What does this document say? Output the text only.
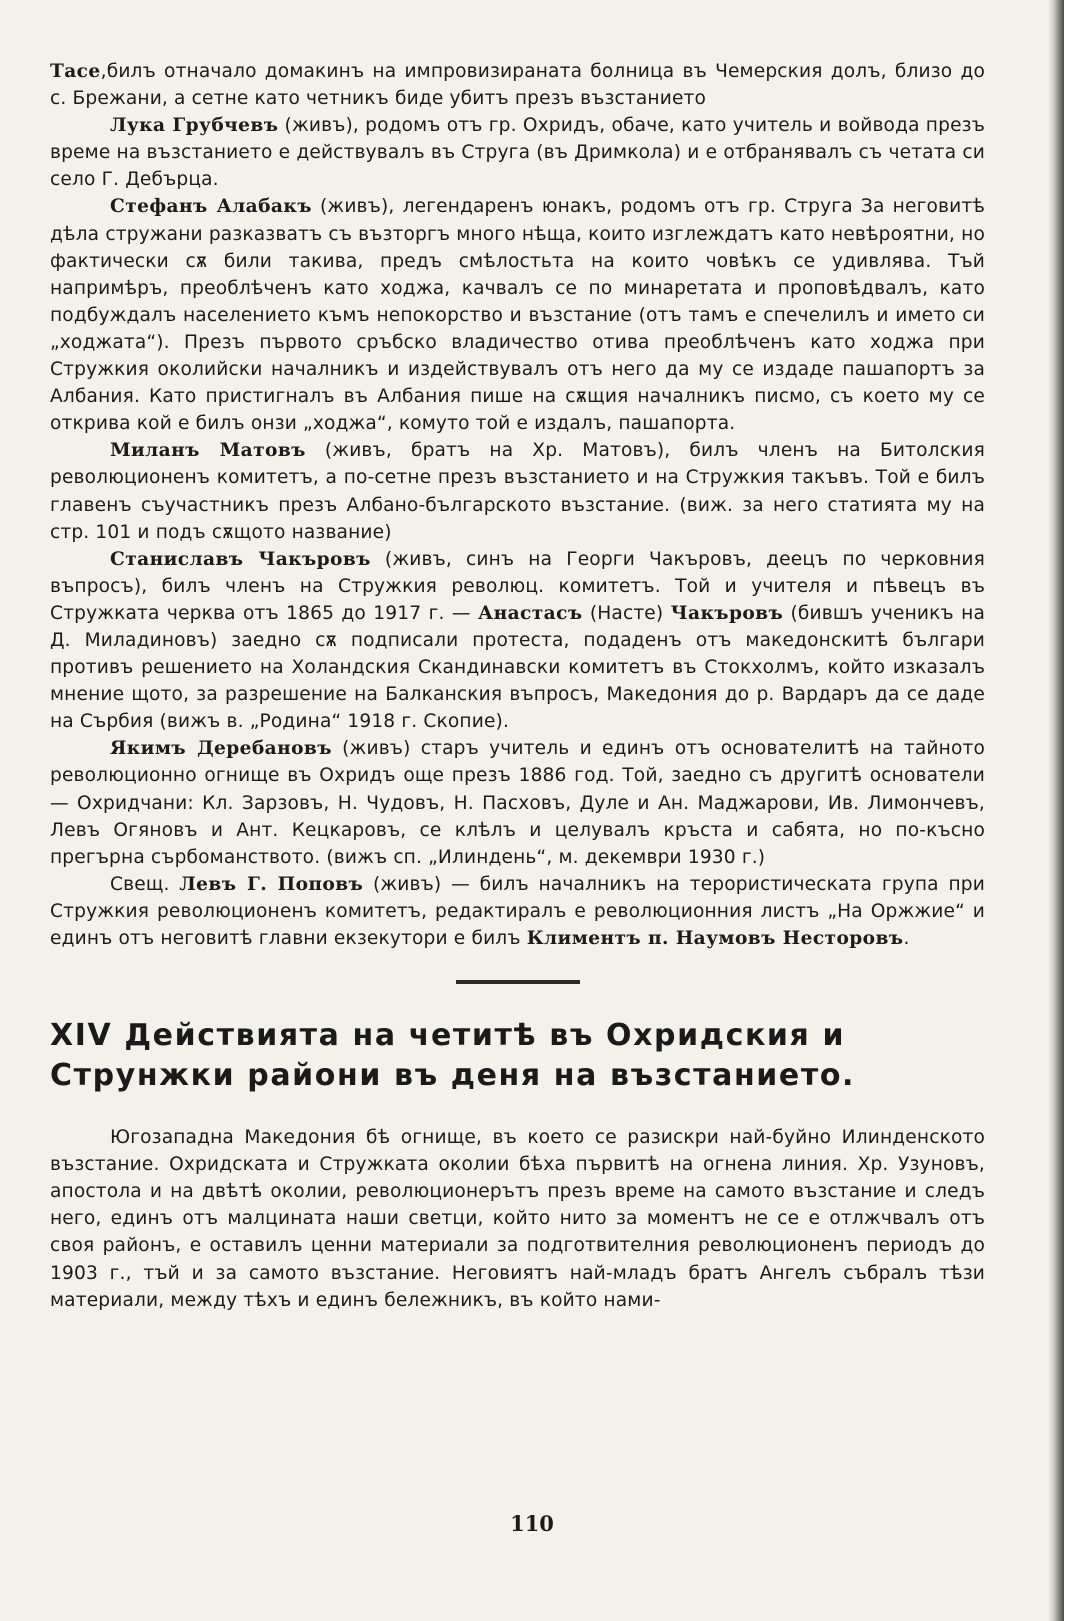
Тасе,билъ отначало домакинъ на импровизираната болница въ Чемерския долъ, близо до с. Брежани, а сетне като четникъ биде убитъ презъ възстанието

Лука Грубчевъ (живъ), родомъ отъ гр. Охридъ, обаче, като учитель и войвода презъ време на възстанието е действувалъ въ Струга (въ Дримкола) и е отбранявалъ съ четата си село Г. Дебърца.

Стефанъ Алабакъ (живъ), легендаренъ юнакъ, родомъ отъ гр. Струга За неговитѣ дѣла стружани разказватъ съ възторгъ много нѣща, които изглеждатъ като невѣроятни, но фактически сѫ били такива, предъ смѣлостьта на които човѣкъ се удивлява. Тъй напримѣръ, преоблѣченъ като ходжа, качвалъ се по минаретата и проповѣдвалъ, като подбуждалъ населението къмъ непокорство и възстание (отъ тамъ е спечелилъ и името си „ходжата“). Презъ първото сръбско владичество отива преоблѣченъ като ходжа при Стружкия околийски началникъ и издействувалъ отъ него да му се издаде пашапортъ за Албания. Като пристигналъ въ Албания пише на сѫщия началникъ писмо, съ което му се открива кой е билъ онзи „ходжа“, комуто той е издалъ, пашапорта.

Миланъ Матовъ (живъ, братъ на Хр. Матовъ), билъ членъ на Битолския революционенъ комитетъ, а по-сетне презъ възстанието и на Стружкия такъвъ. Той е билъ главенъ съучастникъ презъ Албано-българското възстание. (виж. за него статията му на стр. 101 и подъ сѫщото название)

Станиславъ Чакъровъ (живъ, синъ на Георги Чакъровъ, деецъ по черковния въпросъ), билъ членъ на Стружкия революц. комитетъ. Той и учителя и пѣвецъ въ Стружката черква отъ 1865 до 1917 г. — Анастасъ (Насте) Чакъровъ (бившъ ученикъ на Д. Миладиновъ) заедно сѫ подписали протеста, подаденъ отъ македонскитѣ българи противъ решението на Холандския Скандинавски комитетъ въ Стокхолмъ, който изказалъ мнение щото, за разрешение на Балканския въпросъ, Македония до р. Вардаръ да се даде на Сърбия (вижъ в. „Родина“ 1918 г. Скопие).

Якимъ Деребановъ (живъ) старъ учитель и единъ отъ основателитѣ на тайното революционно огнище въ Охридъ още презъ 1886 год. Той, заедно съ другитѣ основатели — Охридчани: Кл. Зарзовъ, Н. Чудовъ, Н. Пасховъ, Дуле и Ан. Маджарови, Ив. Лимончевъ, Левъ Огяновъ и Ант. Кецкаровъ, се клѣлъ и целувалъ кръста и сабята, но по-късно прегърна сърбоманството. (вижъ сп. „Илиндень“, м. декември 1930 г.)

Свещ. Левъ Г. Поповъ (живъ) — билъ началникъ на терористическата група при Стружкия революционенъ комитетъ, редактиралъ е революционния листъ „На Оржжие“ и единъ отъ неговитѣ главни екзекутори е билъ Климентъ п. Наумовъ Несторовъ.

XIV Действията на четитѣ въ Охридския и
Струнжки райони въ деня на възстанието.

Югозападна Македония бѣ огнище, въ което се разискри най-буйно Илинденското възстание. Охридската и Стружката околии бѣха първитѣ на огнена линия. Хр. Узуновъ, апостола и на двѣтѣ околии, революционерътъ презъ време на самото възстание и следъ него, единъ отъ малцината наши светци, който нито за моментъ не се е отлжчвалъ отъ своя районъ, е оставилъ ценни материали за подготвителния революционенъ периодъ до 1903 г., тъй и за самото възстание. Неговиятъ най-младъ братъ Ангелъ събралъ тѣзи материали, между тѣхъ и единъ бележникъ, въ който нами-

110
